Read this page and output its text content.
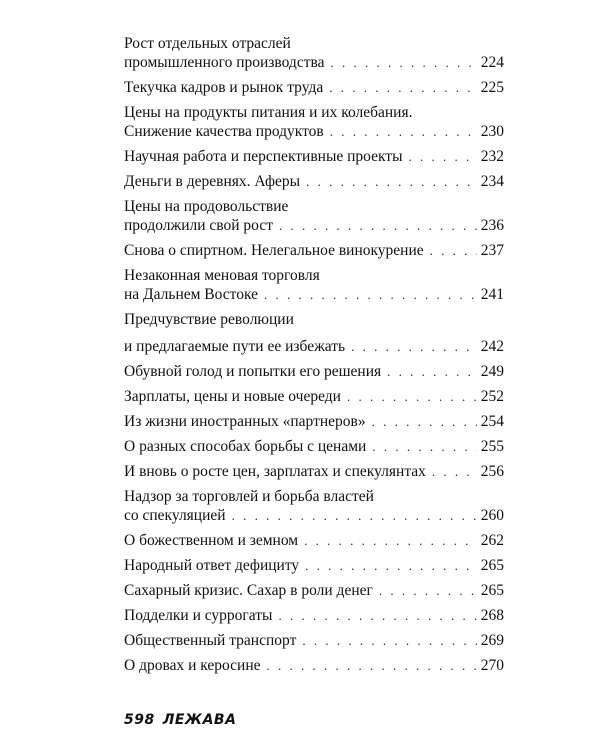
Рост отдельных отраслей
промышленного производства . . .	224
Текучка кадров и рынок труда . . .	225
Цены на продукты питания и их колебания.
Снижение качества продуктов . . .	230
Научная работа и перспективные проекты . . .	232
Деньги в деревнях. Аферы . . .	234
Цены на продовольствие
продолжили свой рост . . .	236
Снова о спиртном. Нелегальное винокурение . . .	237
Незаконная меновая торговля
на Дальнем Востоке . . .	241
Предчувствие революции
и предлагаемые пути ее избежать . . .	242
Обувной голод и попытки его решения . . .	249
Зарплаты, цены и новые очереди . . .	252
Из жизни иностранных «партнеров» . . .	254
О разных способах борьбы с ценами . . .	255
И вновь о росте цен, зарплатах и спекулянтах . . .	256
Надзор за торговлей и борьба властей
со спекуляцией . . .	260
О божественном и земном . . .	262
Народный ответ дефициту . . .	265
Сахарный кризис. Сахар в роли денег . . .	265
Подделки и суррогаты . . .	268
Общественный транспорт . . .	269
О дровах и керосине . . .	270
598 ЛЕЖАВА
